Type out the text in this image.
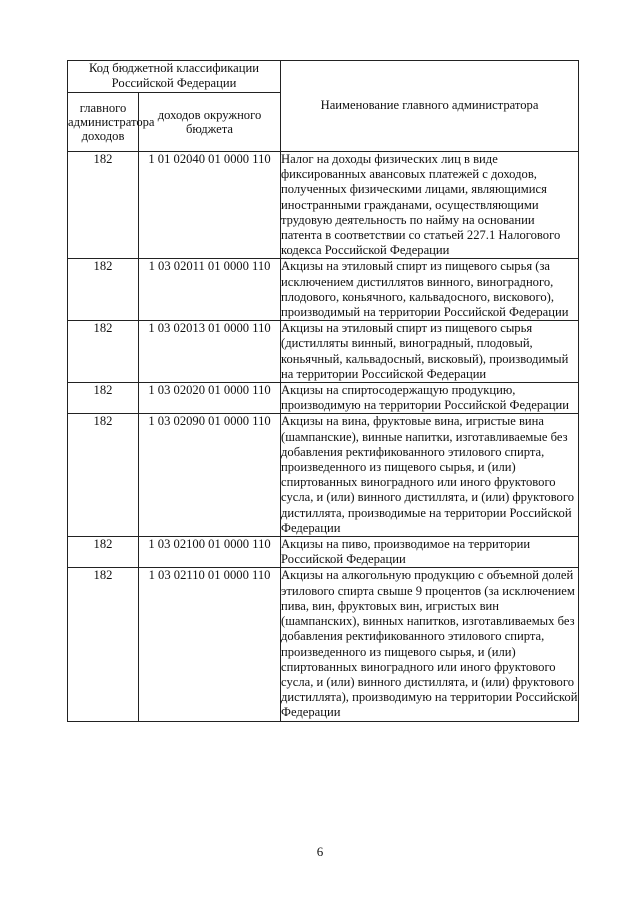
Код бюджетной классификации Российской Федерации		Наименование главного администратора
главного администратора доходов	доходов окружного бюджета	
182	1 01 02040 01 0000 110	Налог на доходы физических лиц в виде фиксированных авансовых платежей с доходов, полученных физическими лицами, являющимися иностранными гражданами, осуществляющими трудовую деятельность по найму на основании патента в соответствии со статьей 227.1 Налогового кодекса Российской Федерации
182	1 03 02011 01 0000 110	Акцизы на этиловый спирт из пищевого сырья (за исключением дистиллятов винного, виноградного, плодового, коньячного, кальвадосного, вискового), производимый на территории Российской Федерации
182	1 03 02013 01 0000 110	Акцизы на этиловый спирт из пищевого сырья (дистилляты винный, виноградный, плодовый, коньячный, кальвадосный, висковый), производимый на территории Российской Федерации
182	1 03 02020 01 0000 110	Акцизы на спиртосодержащую продукцию, производимую на территории Российской Федерации
182	1 03 02090 01 0000 110	Акцизы на вина, фруктовые вина, игристые вина (шампанские), винные напитки, изготавливаемые без добавления ректификованного этилового спирта, произведенного из пищевого сырья, и (или) спиртованных виноградного или иного фруктового сусла, и (или) винного дистиллята, и (или) фруктового дистиллята, производимые на территории Российской Федерации
182	1 03 02100 01 0000 110	Акцизы на пиво, производимое на территории Российской Федерации
182	1 03 02110 01 0000 110	Акцизы на алкогольную продукцию с объемной долей этилового спирта свыше 9 процентов (за исключением пива, вин, фруктовых вин, игристых вин (шампанских), винных напитков, изготавливаемых без добавления ректификованного этилового спирта, произведенного из пищевого сырья, и (или) спиртованных виноградного или иного фруктового сусла, и (или) винного дистиллята, и (или) фруктового дистиллята), производимую на территории Российской Федерации
6
